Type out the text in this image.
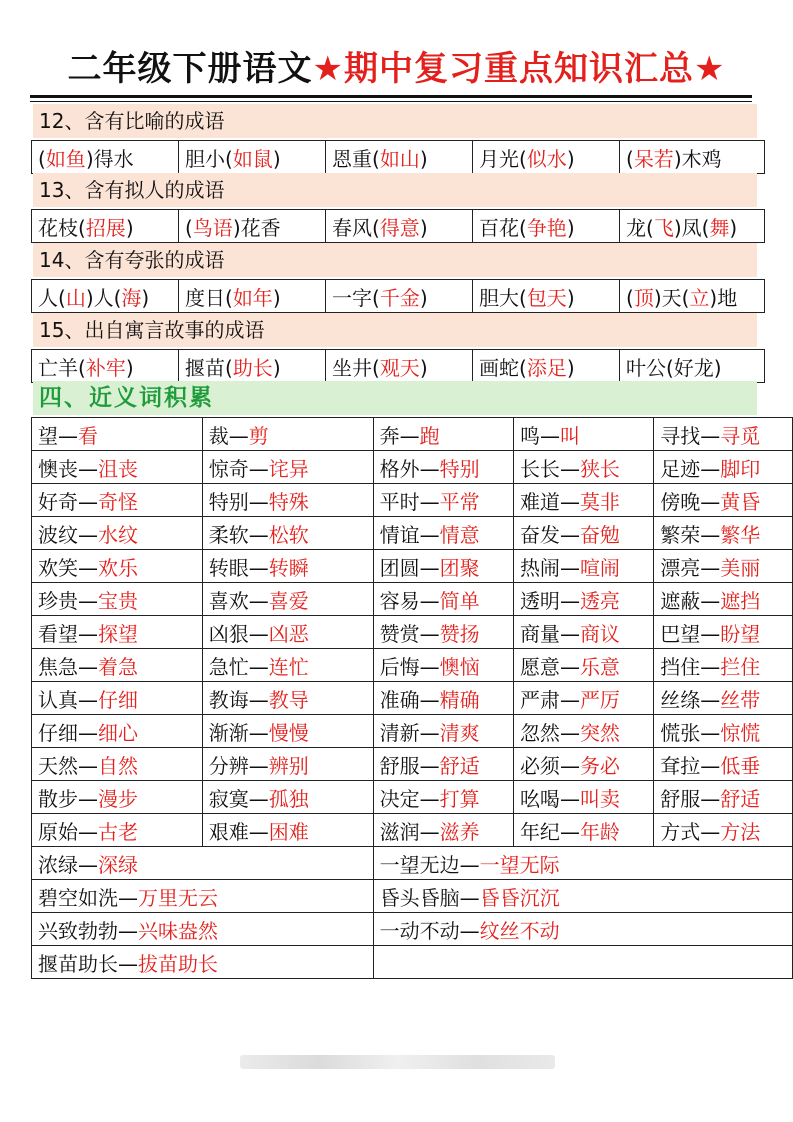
二年级下册语文★期中复习重点知识汇总★
12、含有比喻的成语
(如鱼)得水	胆小(如鼠)	恩重(如山)	月光(似水)	(呆若)木鸡
13、含有拟人的成语
花枝(招展)	(鸟语)花香	春风(得意)	百花(争艳)	龙(飞)凤(舞)
14、含有夸张的成语
人(山)人(海)	度日(如年)	一字(千金)	胆大(包天)	(顶)天(立)地
15、出自寓言故事的成语
亡羊(补牢)	揠苗(助长)	坐井(观天)	画蛇(添足)	叶公(好龙)
四、近义词积累
望—看	裁—剪	奔—跑	鸣—叫	寻找—寻觅
懊丧—沮丧	惊奇—诧异	格外—特别	长长—狭长	足迹—脚印
好奇—奇怪	特别—特殊	平时—平常	难道—莫非	傍晚—黄昏
波纹—水纹	柔软—松软	情谊—情意	奋发—奋勉	繁荣—繁华
欢笑—欢乐	转眼—转瞬	团圆—团聚	热闹—喧闹	漂亮—美丽
珍贵—宝贵	喜欢—喜爱	容易—简单	透明—透亮	遮蔽—遮挡
看望—探望	凶狠—凶恶	赞赏—赞扬	商量—商议	巴望—盼望
焦急—着急	急忙—连忙	后悔—懊恼	愿意—乐意	挡住—拦住
认真—仔细	教诲—教导	准确—精确	严肃—严厉	丝绦—丝带
仔细—细心	渐渐—慢慢	清新—清爽	忽然—突然	慌张—惊慌
天然—自然	分辨—辨别	舒服—舒适	必须—务必	耷拉—低垂
散步—漫步	寂寞—孤独	决定—打算	吆喝—叫卖	舒服—舒适
原始—古老	艰难—困难	滋润—滋养	年纪—年龄	方式—方法
浓绿—深绿		一望无边—一望无际		
碧空如洗—万里无云		昏头昏脑—昏昏沉沉		
兴致勃勃—兴味盎然		一动不动—纹丝不动		
揠苗助长—拔苗助长				
